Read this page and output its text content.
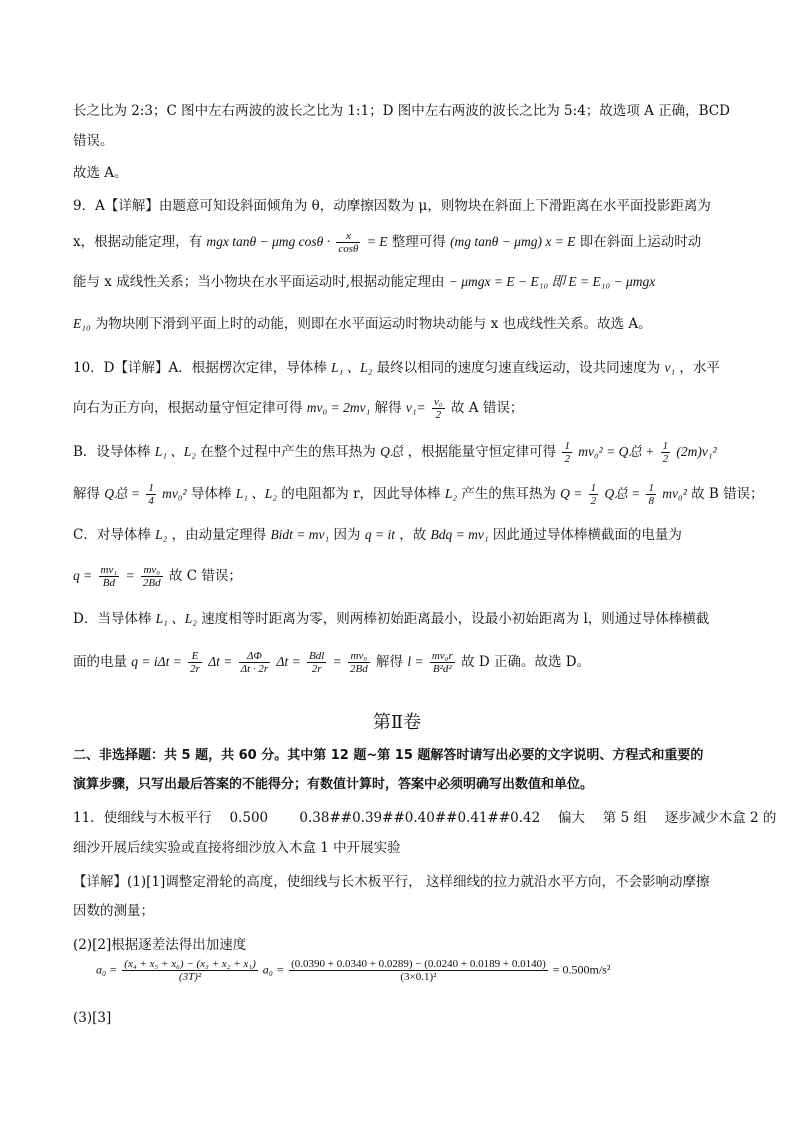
长之比为 2:3；C 图中左右两波的波长之比为 1:1；D 图中左右两波的波长之比为 5:4；故选项 A 正确，BCD
错误。
故选 A。
9．A【详解】由题意可知设斜面倾角为 θ，动摩擦因数为 μ，则物块在斜面上下滑距离在水平面投影距离为
x，根据动能定理，有 mgx tanθ − μmg $\cos\theta \cdot \frac{x}{\cos\theta} = E$ 整理可得 (mg tanθ − μmg) x = E 即在斜面上运动时动
能与 x 成线性关系；当小物块在水平面运动时,根据动能定理由 − μmgx = E − E₁₀ 即 E = E₁₀ − μmgx
E₁₀ 为物块刚下滑到平面上时的动能，则即在水平面运动时物块动能与 x 也成线性关系。故选 A。
10．D【详解】A．根据楞次定律，导体棒 L₁ 、L₂ 最终以相同的速度匀速直线运动，设共同速度为 v₁ ，水平
向右为正方向，根据动量守恒定律可得 mv₀ = 2mv₁ 解得 $v_1= \frac{\text{v₀}}{2}$ 故 A 错误；
B．设导体棒 L₁ 、L₂ 在整个过程中产生的焦耳热为 Q总 ，根据能量守恒定律可得 $\frac{1}{2} mv_0^2 = Q$总 + $\frac{1}{2} (2m)v_1^2$
解得 Q总 = $\frac{1}{4} mv_0^2$ 导体棒 L₁ 、L₂ 的电阻都为 r，因此导体棒 L₂ 产生的焦耳热为 $Q = \frac{1}{2}$ Q总 = $\frac{1}{8} mv_0^2$ 故 B 错误；
C．对导体棒 L₂ ，由动量定理得 Bidt = mv₁ 因为 q = it ，故 Bdq = mv₁ 因此通过导体棒横截面的电量为
$q = \frac{\text{mv₁}}{Bd} = \frac{\text{mv₀}}{2Bd}$ 故 C 错误；
D．当导体棒 L₁ 、L₂ 速度相等时距离为零，则两棒初始距离最小，设最小初始距离为 l，则通过导体棒横截
面的电量 $q = i\Delta t = \frac{E}{2r}$ $\Delta t = \frac{\Delta\Phi}{\Delta t \cdot 2r}$ $\Delta t = \frac{\text{Bdl}}{2r} = \frac{\text{mv₀}}{2Bd}$ 解得 $l = \frac{\text{mv₀r}}{\text{B²d²}}$ 故 D 正确。故选 D。
第Ⅱ卷
二、非选择题：共 5 题，共 60 分。其中第 12 题~第 15 题解答时请写出必要的文字说明、方程式和重要的
演算步骤，只写出最后答案的不能得分；有数值计算时，答案中必须明确写出数值和单位。
11．使细线与木板平行　 0.500　　 0.38##0.39##0.40##0.41##0.42　 偏大　 第 5 组　 逐步减少木盒 2 的
细沙开展后续实验或直接将细沙放入木盒 1 中开展实验
【详解】(1)[1]调整定滑轮的高度，使细线与长木板平行， 这样细线的拉力就沿水平方向，不会影响动摩擦
因数的测量；
(2)[2]根据逐差法得出加速度
$a_0 = \frac{\text{(x₄ + x₅ + x₆) − (x₃ + x₂ + x₁)}}{\text{(3T)²}} a_0 = \frac{(0.0390 + 0.0340 + 0.0289) - (0.0240 + 0.0189 + 0.0140)}{\text{(3×0.1)²}} = 0.500m/s^2$
(3)[3]
